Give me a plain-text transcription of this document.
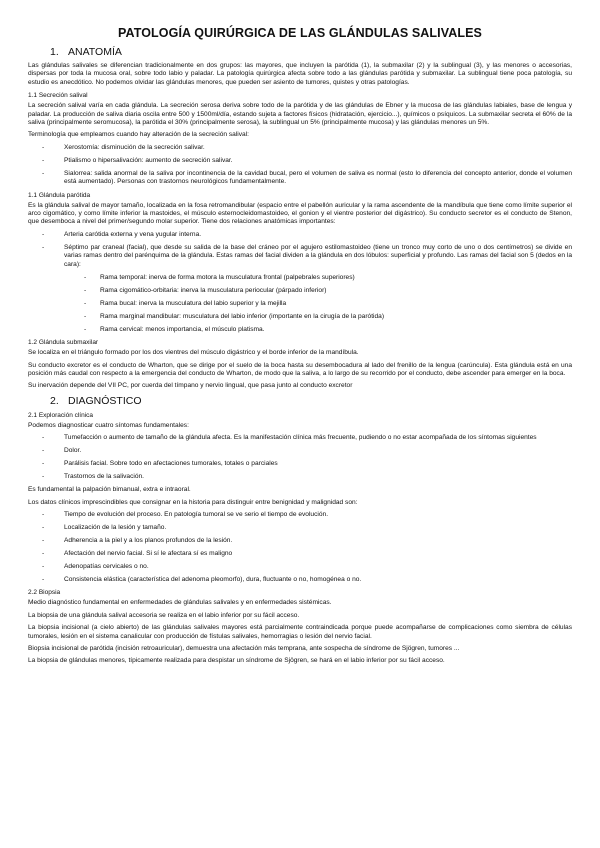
PATOLOGÍA QUIRÚRGICA DE LAS GLÁNDULAS SALIVALES
1. ANATOMÍA

Las glándulas salivales se diferencian tradicionalmente en dos grupos: las mayores, que incluyen la parótida (1), la submaxilar (2) y la sublingual (3), y las menores o accesorias, dispersas por toda la mucosa oral, sobre todo labio y paladar. La patología quirúrgica afecta sobre todo a las glándulas parótida y submaxilar. La sublingual tiene poca patología, su estudio es anecdótico. No podemos olvidar las glándulas menores, que pueden ser asiento de tumores, quistes y otras patologías.

1.1 Secreción salival

La secreción salival varía en cada glándula. La secreción serosa deriva sobre todo de la parótida y de las glándulas de Ebner y la mucosa de las glándulas labiales, base de lengua y paladar. La producción de saliva diaria oscila entre 500 y 1500ml/día, estando sujeta a factores físicos (hidratación, ejercicio...), químicos o psíquicos. La submaxilar secreta el 60% de la saliva (principalmente seromucosa), la parótida el 30% (principalmente serosa), la sublingual un 5% (principalmente mucosa) y las glándulas menores un 5%.

Terminología que empleamos cuando hay alteración de la secreción salival:

- Xerostomía: disminución de la secreción salivar.
- Ptialismo o hipersalivación: aumento de secreción salivar.
- Sialorrea: salida anormal de la saliva por incontinencia de la cavidad bucal, pero el volumen de saliva es normal (esto lo diferencia del concepto anterior, donde el volumen está aumentado). Personas con trastornos neurológicos fundamentalmente.
1.1 Glándula parótida

Es la glándula salival de mayor tamaño, localizada en la fosa retromandibular (espacio entre el pabellón auricular y la rama ascendente de la mandíbula que tiene como límite superior el arco cigomático, y como límite inferior la mastoides, el músculo esternocleidomastoideo, el gonion y el vientre posterior del digástrico). Su conducto secretor es el conducto de Stenon, que desemboca a nivel del primer/segundo molar superior. Tiene dos relaciones anatómicas importantes:

- Arteria carótida externa y vena yugular interna.
- Séptimo par craneal (facial), que desde su salida de la base del cráneo por el agujero estilomastoideo (tiene un tronco muy corto de uno o dos centímetros) se divide en varias ramas dentro del parénquima de la glándula. Estas ramas del facial dividen a la glándula en dos lóbulos: superficial y profundo. Las ramas del facial son 5 (dedos en la cara):
- Rama temporal: inerva de forma motora la musculatura frontal (palpebrales superiores)
- Rama cigomático-orbitaria: inerva la musculatura periocular (párpado inferior)
- Rama bucal: inerva la musculatura del labio superior y la mejilla
- Rama marginal mandibular: musculatura del labio inferior (importante en la cirugía de la parótida)
- Rama cervical: menos importancia, el músculo platisma.
1.2 Glándula submaxilar

Se localiza en el triángulo formado por los dos vientres del músculo digástrico y el borde inferior de la mandíbula.

Su conducto excretor es el conducto de Wharton, que se dirige por el suelo de la boca hasta su desembocadura al lado del frenillo de la lengua (carúncula). Esta glándula está en una posición más caudal con respecto a la emergencia del conducto de Wharton, de modo que la saliva, a lo largo de su recorrido por el conducto, debe ascender para emerger en la boca.

Su inervación depende del VII PC, por cuerda del tímpano y nervio lingual, que pasa junto al conducto excretor

2. DIAGNÓSTICO
2.1 Exploración clínica

Podemos diagnosticar cuatro síntomas fundamentales:

- Tumefacción o aumento de tamaño de la glándula afecta. Es la manifestación clínica más frecuente, pudiendo o no estar acompañada de los síntomas siguientes
- Dolor.
- Parálisis facial. Sobre todo en afectaciones tumorales, totales o parciales
- Trastornos de la salivación.

Es fundamental la palpación bimanual, extra e intraoral.

Los datos clínicos imprescindibles que consignar en la historia para distinguir entre benignidad y malignidad son:

- Tiempo de evolución del proceso. En patología tumoral se ve serio el tiempo de evolución.
- Localización de la lesión y tamaño.
- Adherencia a la piel y a los planos profundos de la lesión.
- Afectación del nervio facial. Si sí le afectara sí es maligno
- Adenopatías cervicales o no.
- Consistencia elástica (característica del adenoma pleomorfo), dura, fluctuante o no, homogénea o no.
2.2 Biopsia

Medio diagnóstico fundamental en enfermedades de glándulas salivales y en enfermedades sistémicas.

La biopsia de una glándula salival accesoria se realiza en el labio inferior por su fácil acceso.

La biopsia incisional (a cielo abierto) de las glándulas salivales mayores está parcialmente contraindicada porque puede acompañarse de complicaciones como siembra de células tumorales, lesión en el sistema canalicular con producción de fístulas salivales, hemorragias o lesión del nervio facial.

Biopsia incisional de parótida (incisión retroauricular), demuestra una afectación más temprana, ante sospecha de síndrome de Sjögren, tumores ...

La biopsia de glándulas menores, típicamente realizada para despistar un síndrome de Sjögren, se hará en el labio inferior por su fácil acceso.
